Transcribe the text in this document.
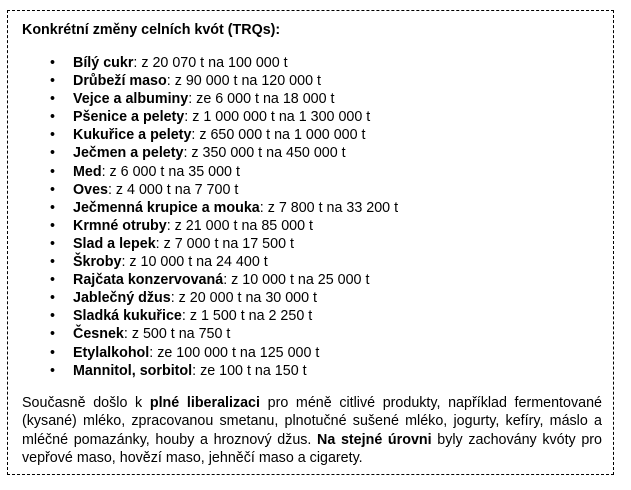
Konkrétní změny celních kvót (TRQs):

• Bílý cukr: z 20 070 t na 100 000 t
• Drůbeží maso: z 90 000 t na 120 000 t
• Vejce a albuminy: ze 6 000 t na 18 000 t
• Pšenice a pelety: z 1 000 000 t na 1 300 000 t
• Kukuřice a pelety: z 650 000 t na 1 000 000 t
• Ječmen a pelety: z 350 000 t na 450 000 t
• Med: z 6 000 t na 35 000 t
• Oves: z 4 000 t na 7 700 t
• Ječmenná krupice a mouka: z 7 800 t na 33 200 t
• Krmné otruby: z 21 000 t na 85 000 t
• Slad a lepek: z 7 000 t na 17 500 t
• Škroby: z 10 000 t na 24 400 t
• Rajčata konzervovaná: z 10 000 t na 25 000 t
• Jablečný džus: z 20 000 t na 30 000 t
• Sladká kukuřice: z 1 500 t na 2 250 t
• Česnek: z 500 t na 750 t
• Etylalkohol: ze 100 000 t na 125 000 t
• Mannitol, sorbitol: ze 100 t na 150 t

Současně došlo k plné liberalizaci pro méně citlivé produkty, například fermentované (kysané) mléko, zpracovanou smetanu, plnotučné sušené mléko, jogurty, kefíry, máslo a mléčné pomazánky, houby a hroznový džus. Na stejné úrovni byly zachovány kvóty pro vepřové maso, hovězí maso, jehněčí maso a cigarety.
